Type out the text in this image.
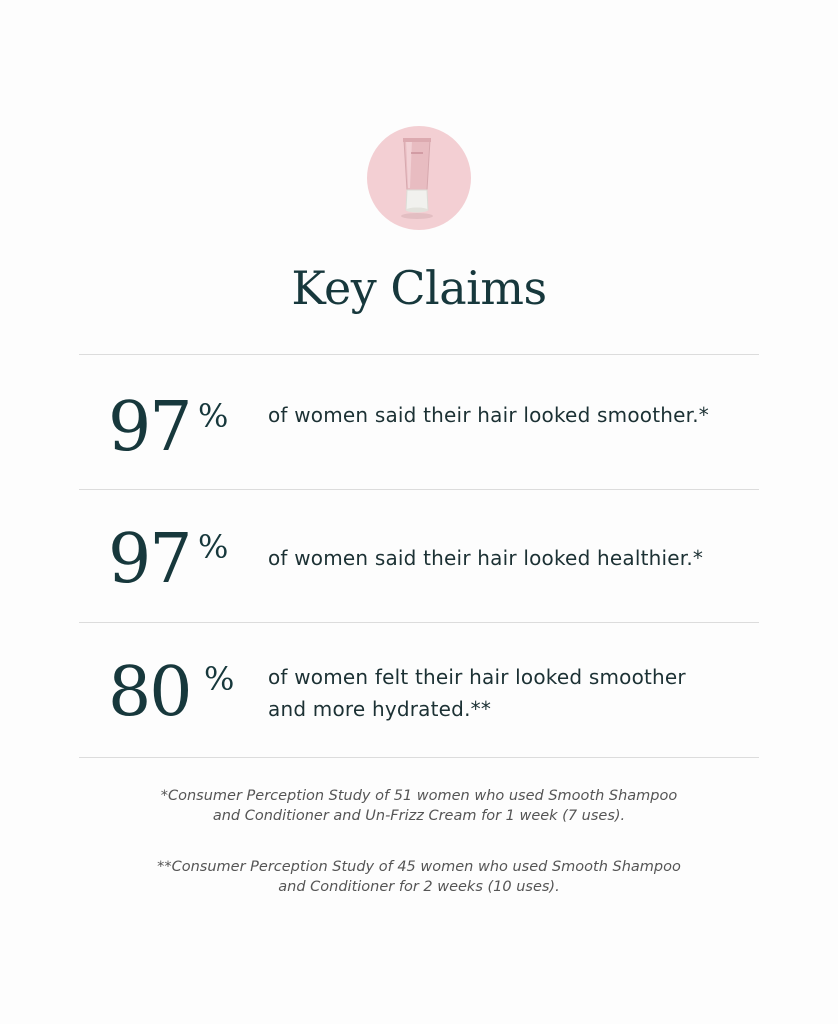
Key Claims
97 % of women said their hair looked smoother.*
97 % of women said their hair looked healthier.*
80 % of women felt their hair looked smoother
and more hydrated.**
*Consumer Perception Study of 51 women who used Smooth Shampoo
and Conditioner and Un-Frizz Cream for 1 week (7 uses).
**Consumer Perception Study of 45 women who used Smooth Shampoo
and Conditioner for 2 weeks (10 uses).
